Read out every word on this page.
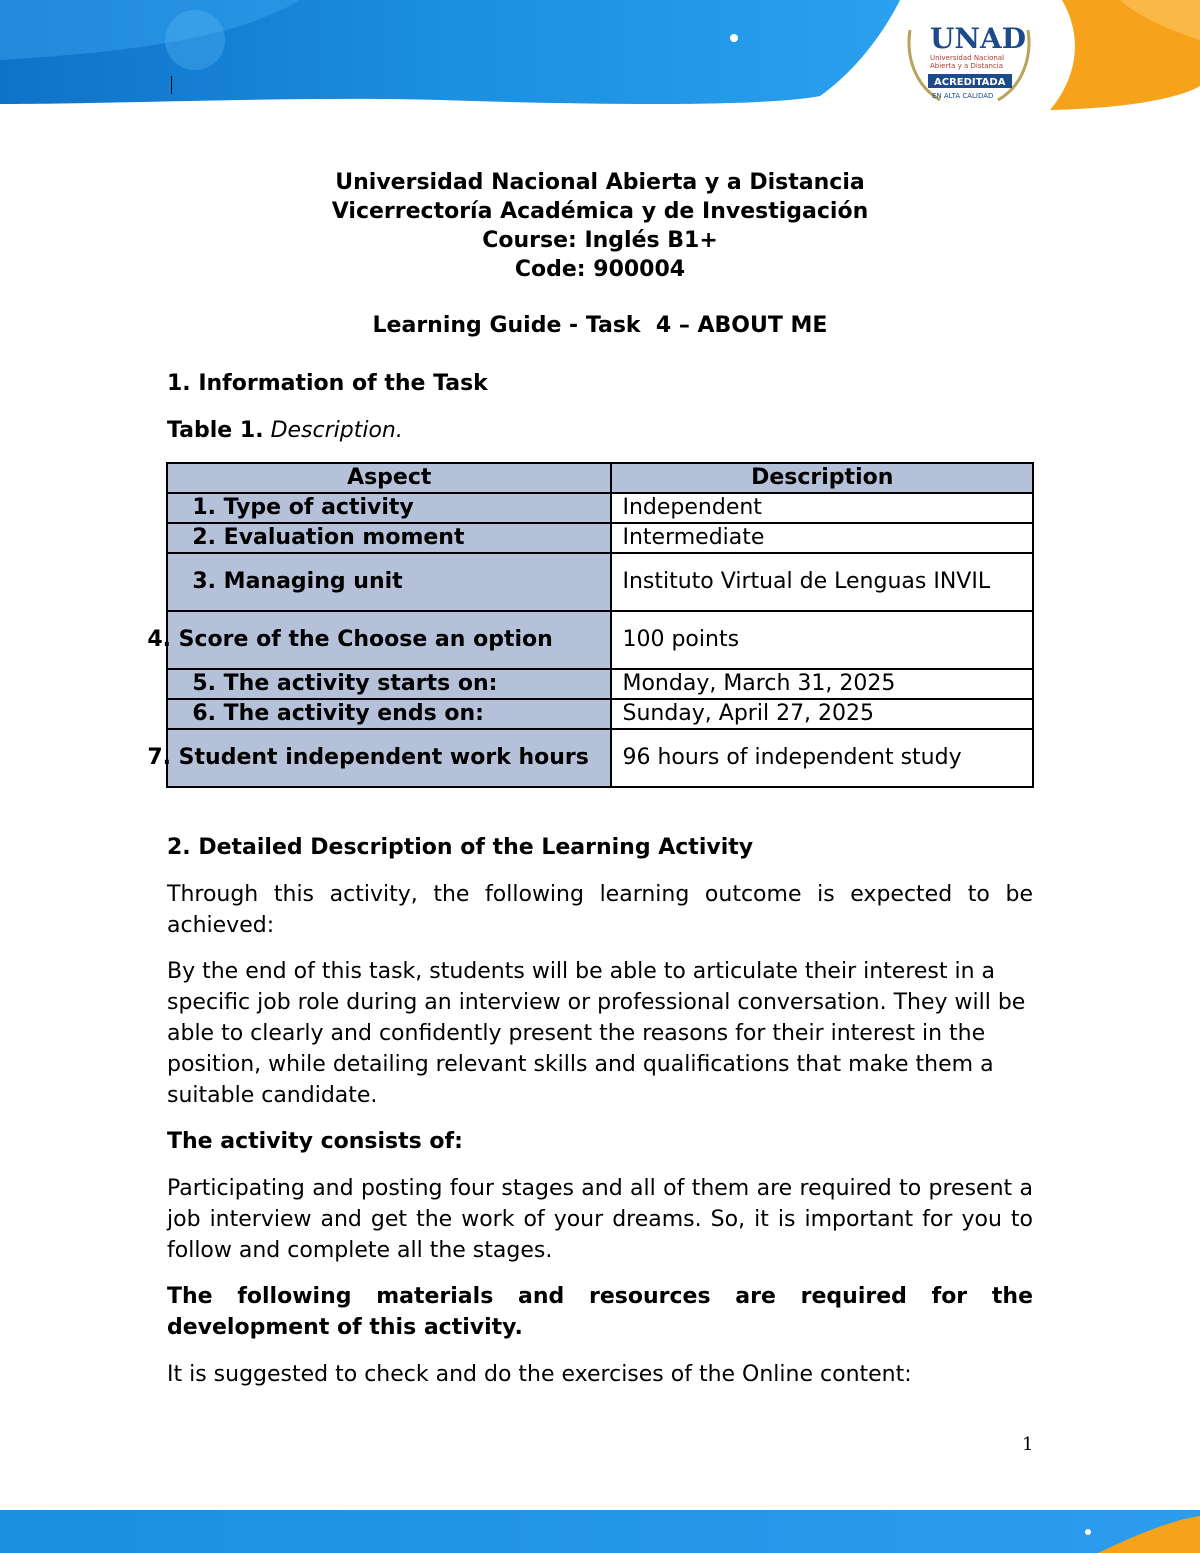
UNAD
Universidad Nacional
Abierta y a Distancia
ACREDITADA
EN ALTA CALIDAD
Universidad Nacional Abierta y a Distancia
Vicerrectoría Académica y de Investigación
Course: Inglés B1+
Code: 900004
Learning Guide - Task  4 – ABOUT ME
1. Information of the Task
Table 1. Description.
Aspect	Description
1. Type of activity	Independent
2. Evaluation moment	Intermediate
3. Managing unit	Instituto Virtual de Lenguas INVIL
4. Score of the Choose an option	100 points
5. The activity starts on:	Monday, March 31, 2025
6. The activity ends on:	Sunday, April 27, 2025
7. Student independent work hours	96 hours of independent study
2. Detailed Description of the Learning Activity

Through this activity, the following learning outcome is expected to be achieved:

By the end of this task, students will be able to articulate their interest in a specific job role during an interview or professional conversation. They will be able to clearly and confidently present the reasons for their interest in the position, while detailing relevant skills and qualifications that make them a suitable candidate.

The activity consists of:

Participating and posting four stages and all of them are required to present a job interview and get the work of your dreams. So, it is important for you to follow and complete all the stages.

The following materials and resources are required for the development of this activity.

It is suggested to check and do the exercises of the Online content:

1
